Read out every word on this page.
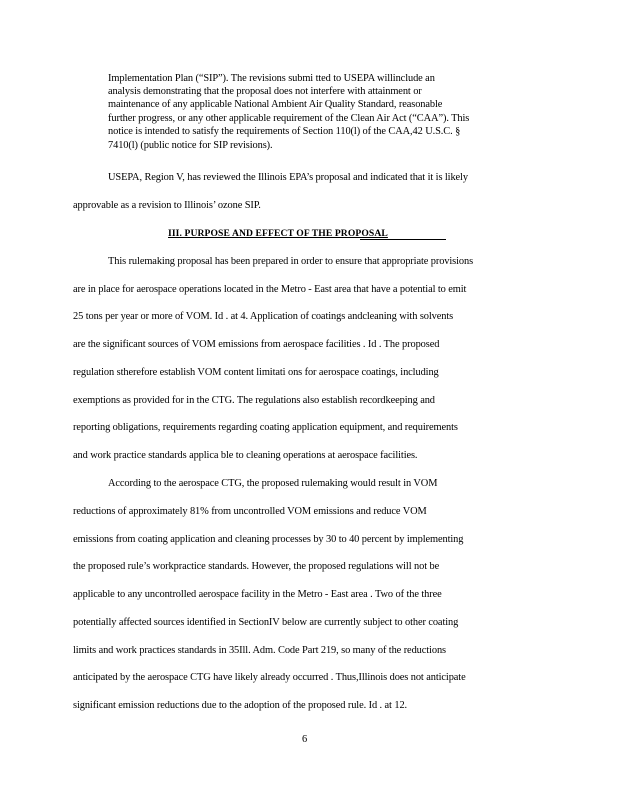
Implementation Plan (“SIP”). The revisions submi tted to USEPA willinclude an
analysis demonstrating that the proposal does not interfere with attainment or
maintenance of any applicable National Ambient Air Quality Standard, reasonable
further progress, or any other applicable requirement of the Clean Air Act (“CAA”). This
notice is intended to satisfy the requirements of Section 110(l) of the CAA,42 U.S.C. §
7410(l) (public notice for SIP revisions).
USEPA, Region V, has reviewed the Illinois EPA’s proposal and indicated that it is likely
approvable as a revision to Illinois’ ozone SIP.
III. PURPOSE AND EFFECT OF THE PROPOSAL
This rulemaking proposal has been prepared in order to ensure that appropriate provisions
are in place for aerospace operations located in the Metro - East area that have a potential to emit
25 tons per year or more of VOM. Id . at 4. Application of coatings andcleaning with solvents
are the significant sources of VOM emissions from aerospace facilities . Id . The proposed
regulation stherefore establish VOM content limitati ons for aerospace coatings, including
exemptions as provided for in the CTG. The regulations also establish recordkeeping and
reporting obligations, requirements regarding coating application equipment, and requirements
and work practice standards applica ble to cleaning operations at aerospace facilities.
According to the aerospace CTG, the proposed rulemaking would result in VOM
reductions of approximately 81% from uncontrolled VOM emissions and reduce VOM
emissions from coating application and cleaning processes by 30 to 40 percent by implementing
the proposed rule’s workpractice standards. However, the proposed regulations will not be
applicable to any uncontrolled aerospace facility in the Metro - East area . Two of the three
potentially affected sources identified in SectionIV below are currently subject to other coating
limits and work practices standards in 35Ill. Adm. Code Part 219, so many of the reductions
anticipated by the aerospace CTG have likely already occurred . Thus,Illinois does not anticipate
significant emission reductions due to the adoption of the proposed rule. Id . at 12.
6
